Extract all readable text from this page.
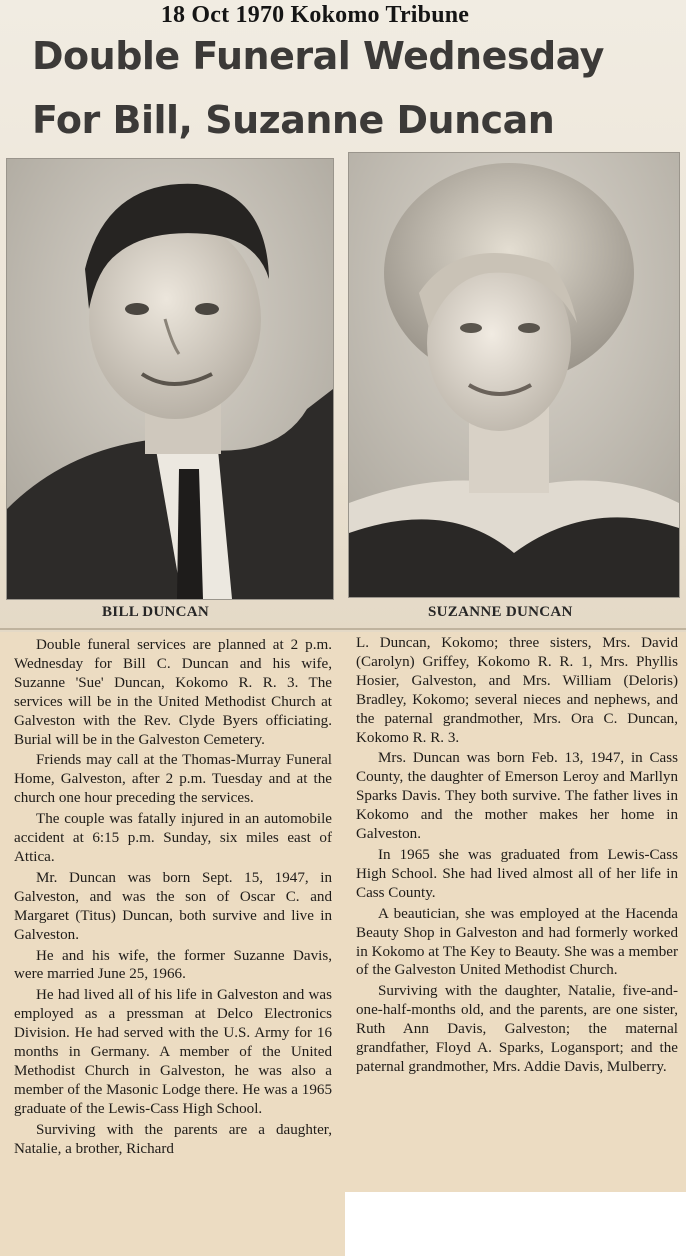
18 Oct 1970 Kokomo Tribune
Double Funeral Wednesday
For Bill, Suzanne Duncan
BILL DUNCAN	SUZANNE DUNCAN

Double funeral services are planned at 2 p.m. Wednesday for Bill C. Duncan and his wife, Suzanne 'Sue' Duncan, Kokomo R. R. 3. The services will be in the United Methodist Church at Galveston with the Rev. Clyde Byers officiating. Burial will be in the Galveston Cemetery.

Friends may call at the Thomas-Murray Funeral Home, Galveston, after 2 p.m. Tuesday and at the church one hour preceding the services.

The couple was fatally injured in an automobile accident at 6:15 p.m. Sunday, six miles east of Attica.

Mr. Duncan was born Sept. 15, 1947, in Galveston, and was the son of Oscar C. and Margaret (Titus) Duncan, both survive and live in Galveston.

He and his wife, the former Suzanne Davis, were married June 25, 1966.

He had lived all of his life in Galveston and was employed as a pressman at Delco Electronics Division. He had served with the U.S. Army for 16 months in Germany. A member of the United Methodist Church in Galveston, he was also a member of the Masonic Lodge there. He was a 1965 graduate of the Lewis-Cass High School.

Surviving with the parents are a daughter, Natalie, a brother, Richard

L. Duncan, Kokomo; three sisters, Mrs. David (Carolyn) Griffey, Kokomo R. R. 1, Mrs. Phyllis Hosier, Galveston, and Mrs. William (Deloris) Bradley, Kokomo; several nieces and nephews, and the paternal grandmother, Mrs. Ora C. Duncan, Kokomo R. R. 3.

Mrs. Duncan was born Feb. 13, 1947, in Cass County, the daughter of Emerson Leroy and Marllyn Sparks Davis. They both survive. The father lives in Kokomo and the mother makes her home in Galveston.

In 1965 she was graduated from Lewis-Cass High School. She had lived almost all of her life in Cass County.

A beautician, she was employed at the Hacenda Beauty Shop in Galveston and had formerly worked in Kokomo at The Key to Beauty. She was a member of the Galveston United Methodist Church.

Surviving with the daughter, Natalie, five-and-one-half-months old, and the parents, are one sister, Ruth Ann Davis, Galveston; the maternal grandfather, Floyd A. Sparks, Logansport; and the paternal grandmother, Mrs. Addie Davis, Mulberry.
